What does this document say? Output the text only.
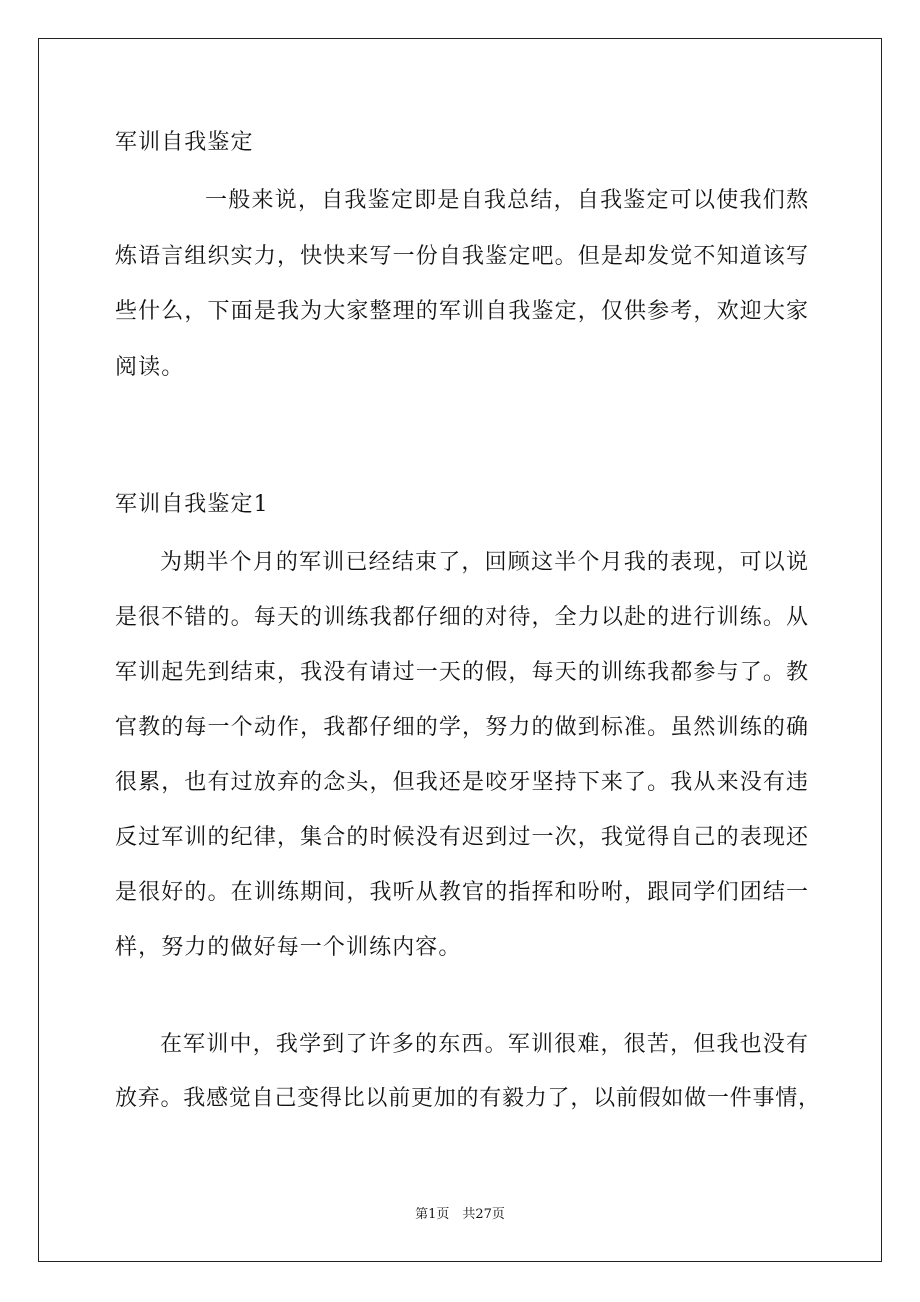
军训自我鉴定
一般来说，自我鉴定即是自我总结，自我鉴定可以使我们熬
炼语言组织实力，快快来写一份自我鉴定吧。但是却发觉不知道该写
些什么，下面是我为大家整理的军训自我鉴定，仅供参考，欢迎大家
阅读。
军训自我鉴定1
为期半个月的军训已经结束了，回顾这半个月我的表现，可以说
是很不错的。每天的训练我都仔细的对待，全力以赴的进行训练。从
军训起先到结束，我没有请过一天的假，每天的训练我都参与了。教
官教的每一个动作，我都仔细的学，努力的做到标准。虽然训练的确
很累，也有过放弃的念头，但我还是咬牙坚持下来了。我从来没有违
反过军训的纪律，集合的时候没有迟到过一次，我觉得自己的表现还
是很好的。在训练期间，我听从教官的指挥和吩咐，跟同学们团结一
样，努力的做好每一个训练内容。
在军训中，我学到了许多的东西。军训很难，很苦，但我也没有
放弃。我感觉自己变得比以前更加的有毅力了，以前假如做一件事情，
第1页　共27页
